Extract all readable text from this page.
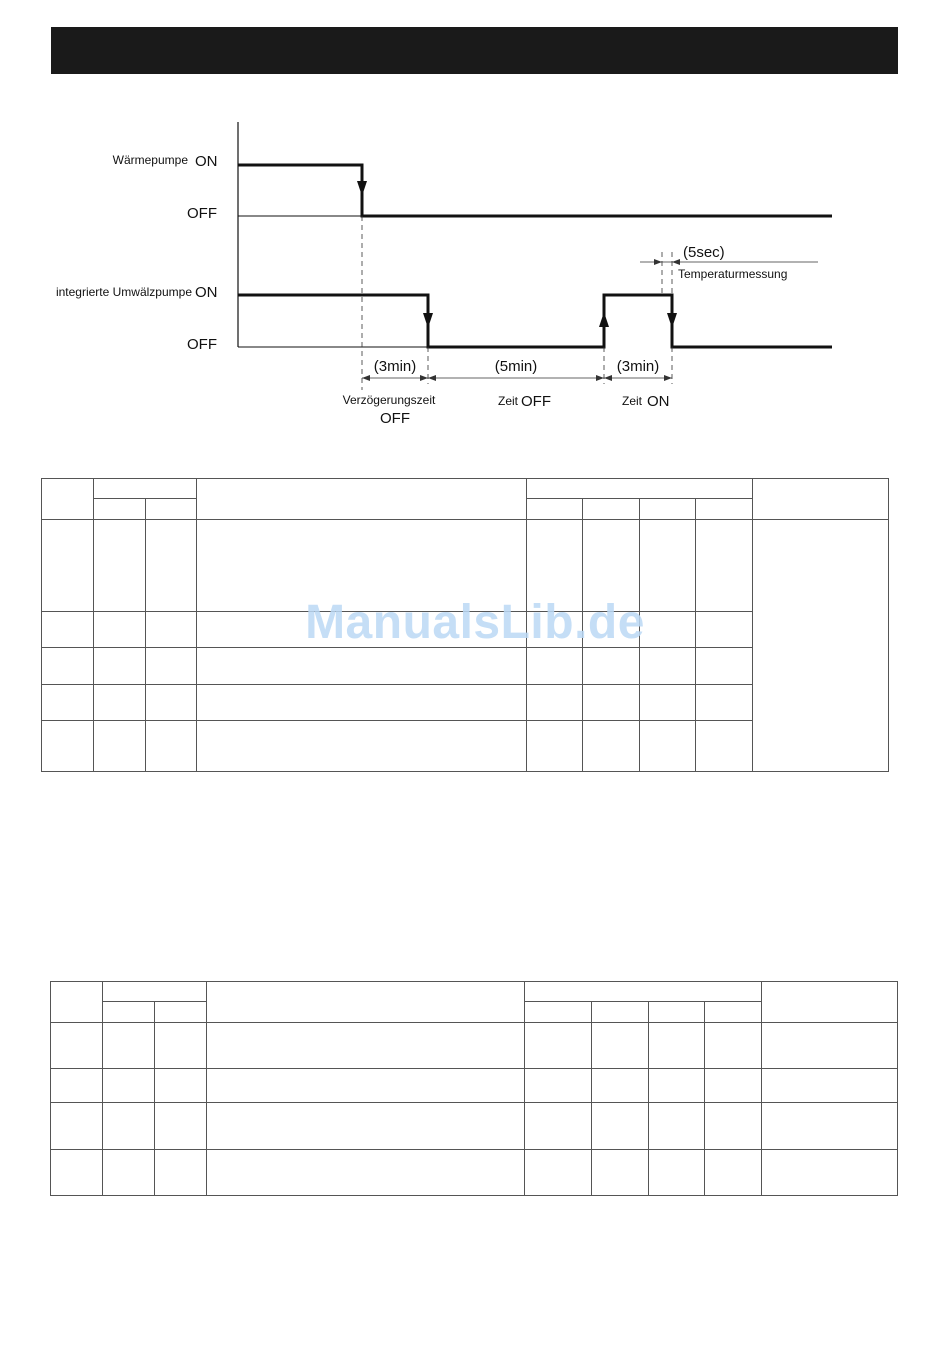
Wärmepumpe ON
OFF
integrierte Umwälzpumpe ON
OFF
(3min)	(5min)	(3min)
(5sec)
Temperaturmessung
Verzögerungszeit
OFF
Zeit OFF	Zeit ON
ManualsLib.de
